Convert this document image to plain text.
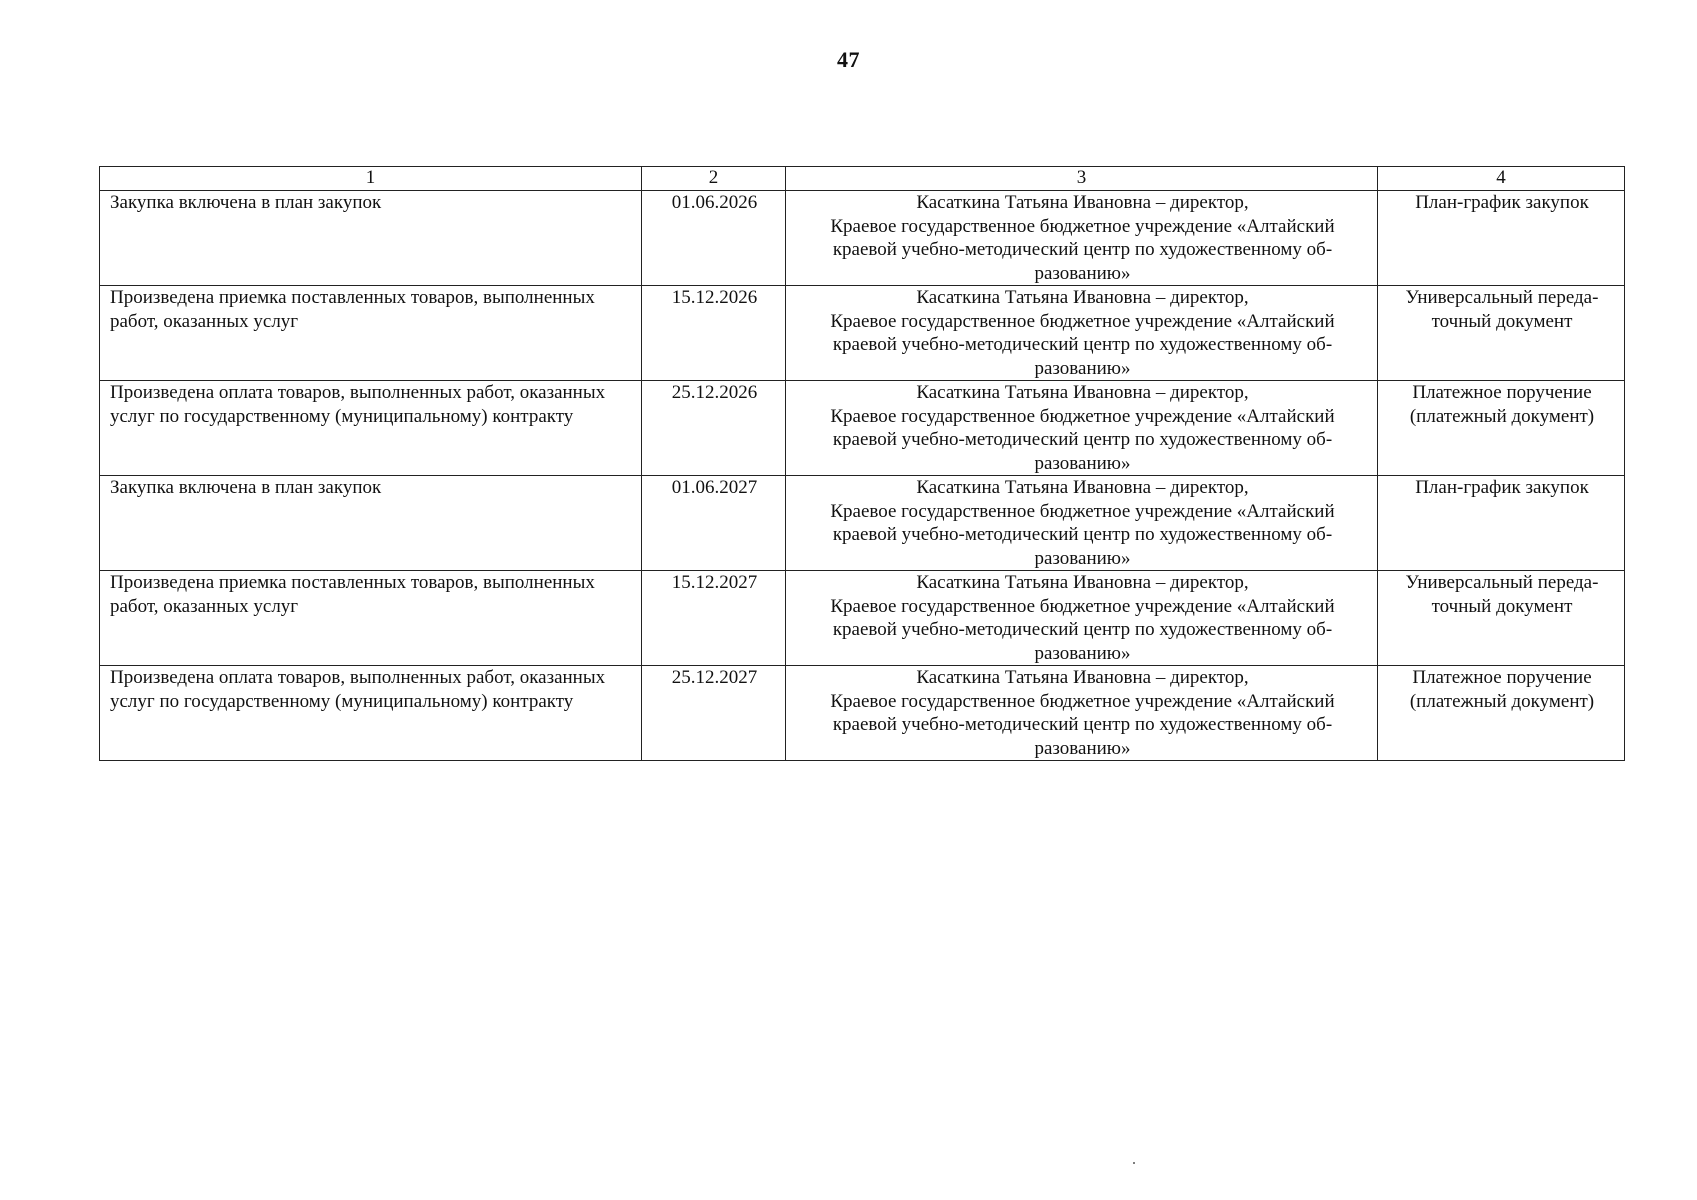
47
1	2	3	4
Закупка включена в план закупок	01.06.2026	Касаткина Татьяна Ивановна – директор,
Краевое государственное бюджетное учреждение «Алтайский краевой учебно-методический центр по художественному образованию»	План-график закупок
Произведена приемка поставленных товаров, выполненных работ, оказанных услуг	15.12.2026	Касаткина Татьяна Ивановна – директор,
Краевое государственное бюджетное учреждение «Алтайский краевой учебно-методический центр по художественному образованию»	Универсальный передаточный документ
Произведена оплата товаров, выполненных работ, оказанных услуг по государственному (муниципальному) контракту	25.12.2026	Касаткина Татьяна Ивановна – директор,
Краевое государственное бюджетное учреждение «Алтайский краевой учебно-методический центр по художественному образованию»	Платежное поручение (платежный документ)
Закупка включена в план закупок	01.06.2027	Касаткина Татьяна Ивановна – директор,
Краевое государственное бюджетное учреждение «Алтайский краевой учебно-методический центр по художественному образованию»	План-график закупок
Произведена приемка поставленных товаров, выполненных работ, оказанных услуг	15.12.2027	Касаткина Татьяна Ивановна – директор,
Краевое государственное бюджетное учреждение «Алтайский краевой учебно-методический центр по художественному образованию»	Универсальный передаточный документ
Произведена оплата товаров, выполненных работ, оказанных услуг по государственному (муниципальному) контракту	25.12.2027	Касаткина Татьяна Ивановна – директор,
Краевое государственное бюджетное учреждение «Алтайский краевой учебно-методический центр по художественному образованию»	Платежное поручение (платежный документ)
